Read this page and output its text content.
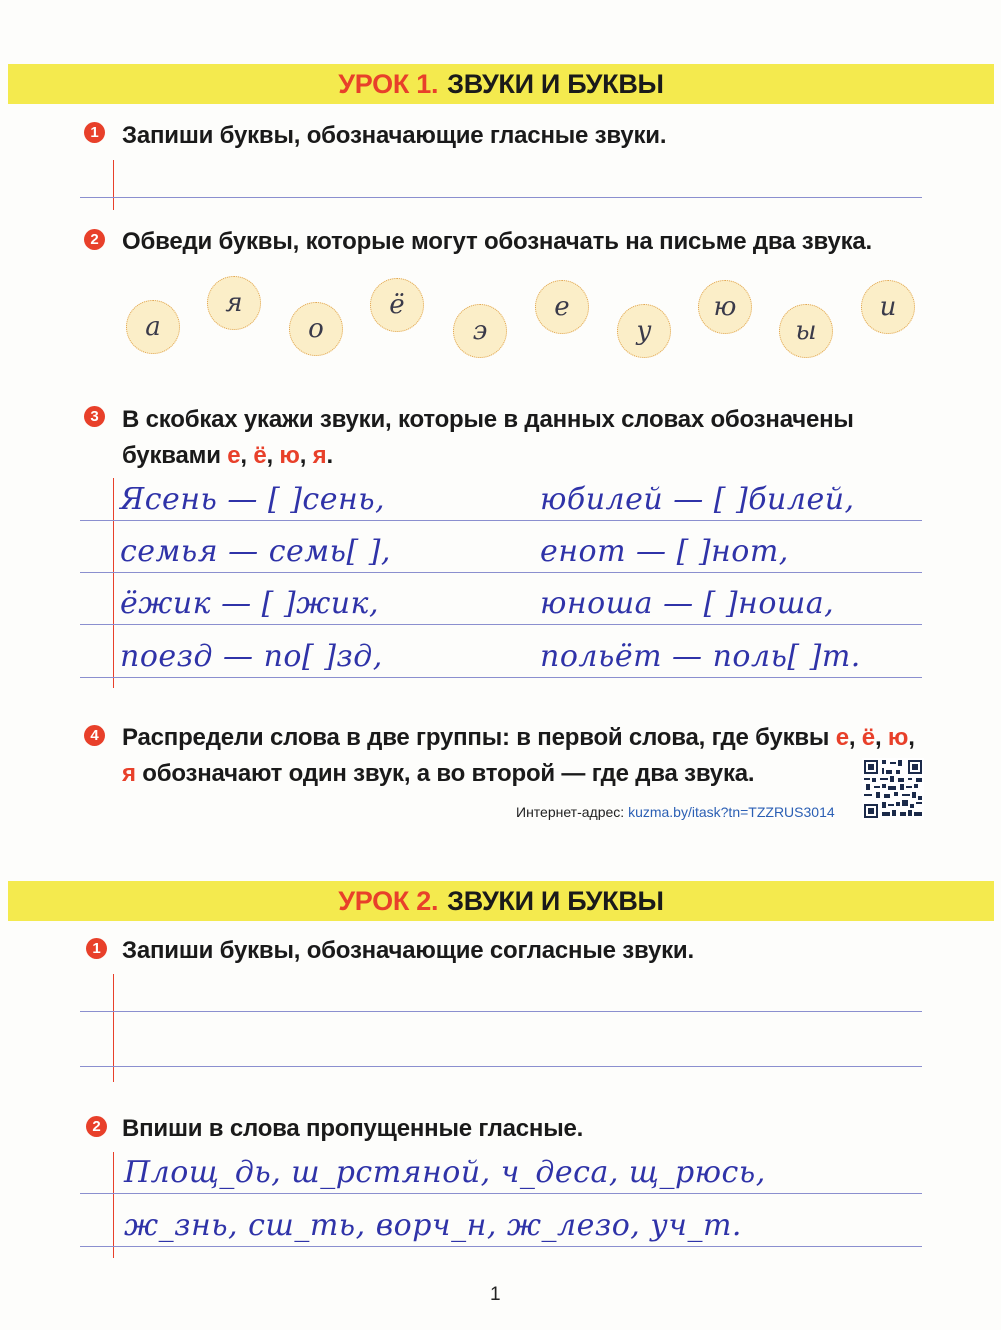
УРОК 1. ЗВУКИ И БУКВЫ
1 Запиши буквы, обозначающие гласные звуки.
2 Обведи буквы, которые могут обозначать на письме два звука.
а
я
о
ё
э
е
у
ю
ы
и
3 В скобках укажи звуки, которые в данных словах обозначены
буквами е, ё, ю, я.
Ясень — [ ]сень,	юбилей — [ ]билей,
семья — семь[ ],	енот — [ ]нот,
ёжик — [ ]жик,	юноша — [ ]ноша,
поезд — по[ ]зд,	польёт — поль[ ]т.
4 Распредели слова в две группы: в первой слова, где буквы е, ё, ю, я обозначают один звук, а во второй — где два звука.
Интернет-адрес: kuzma.by/itask?tn=TZZRUS3014
УРОК 2. ЗВУКИ И БУКВЫ
1 Запиши буквы, обозначающие согласные звуки.
2 Впиши в слова пропущенные гласные.
Площ_дь, ш_рстяной, ч_деса, щ_рюсь,
ж_знь, сш_ть, ворч_н, ж_лезо, уч_т.
1
